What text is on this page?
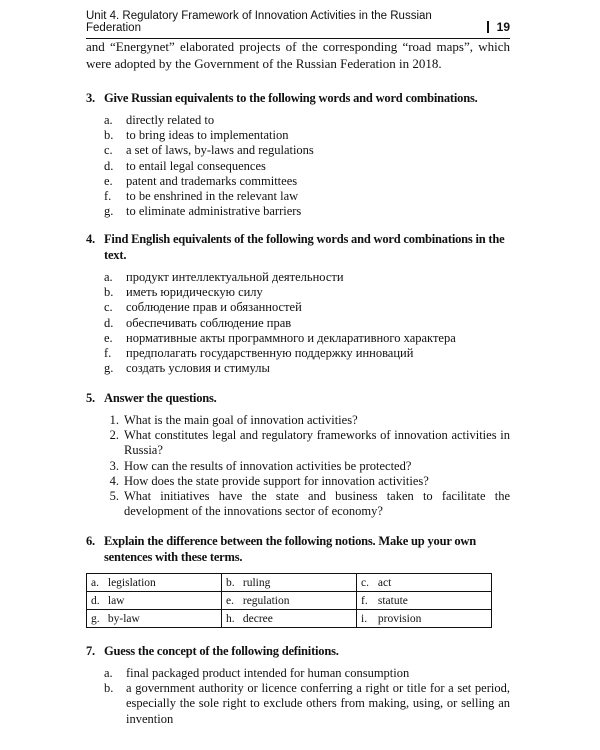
Unit 4. Regulatory Framework of Innovation Activities in the Russian Federation	19
and “Energynet” elaborated projects of the corresponding “road maps”, which were adopted by the Government of the Russian Federation in 2018.
3. Give Russian equivalents to the following words and word combinations.
a.	directly related to
b.	to bring ideas to implementation
c.	a set of laws, by-laws and regulations
d.	to entail legal consequences
e.	patent and trademarks committees
f.	to be enshrined in the relevant law
g.	to eliminate administrative barriers
4. Find English equivalents of the following words and word combinations in the text.
a.	продукт интеллектуальной деятельности
b.	иметь юридическую силу
c.	соблюдение прав и обязанностей
d.	обеспечивать соблюдение прав
e.	нормативные акты программного и декларативного характера
f.	предполагать государственную поддержку инноваций
g.	создать условия и стимулы
5. Answer the questions.
1. What is the main goal of innovation activities?
2. What constitutes legal and regulatory frameworks of innovation activities in Russia?
3. How can the results of innovation activities be protected?
4. How does the state provide support for innovation activities?
5. What initiatives have the state and business taken to facilitate the development of the innovations sector of economy?
6. Explain the difference between the following notions. Make up your own sentences with these terms.
a. legislation	b. ruling	c. act
d. law	e. regulation	f. statute
g. by-law	h. decree	i. provision
7. Guess the concept of the following definitions.
a.	final packaged product intended for human consumption
b.	a government authority or licence conferring a right or title for a set period, especially the sole right to exclude others from making, using, or selling an invention
